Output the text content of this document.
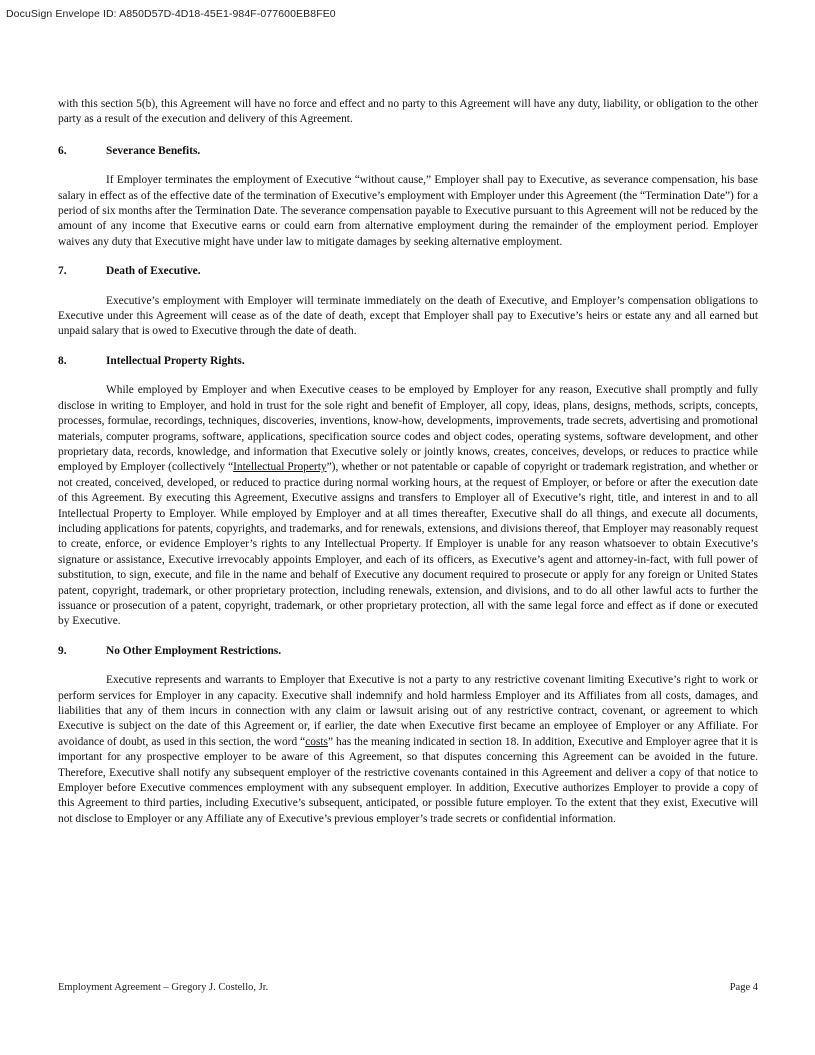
DocuSign Envelope ID: A850D57D-4D18-45E1-984F-077600EB8FE0

with this section 5(b), this Agreement will have no force and effect and no party to this Agreement will have any duty, liability, or obligation to the other party as a result of the execution and delivery of this Agreement.

6.	Severance Benefits.

If Employer terminates the employment of Executive “without cause,” Employer shall pay to Executive, as severance compensation, his base salary in effect as of the effective date of the termination of Executive’s employment with Employer under this Agreement (the “Termination Date”) for a period of six months after the Termination Date. The severance compensation payable to Executive pursuant to this Agreement will not be reduced by the amount of any income that Executive earns or could earn from alternative employment during the remainder of the employment period. Employer waives any duty that Executive might have under law to mitigate damages by seeking alternative employment.

7.	Death of Executive.

Executive’s employment with Employer will terminate immediately on the death of Executive, and Employer’s compensation obligations to Executive under this Agreement will cease as of the date of death, except that Employer shall pay to Executive’s heirs or estate any and all earned but unpaid salary that is owed to Executive through the date of death.

8.	Intellectual Property Rights.

While employed by Employer and when Executive ceases to be employed by Employer for any reason, Executive shall promptly and fully disclose in writing to Employer, and hold in trust for the sole right and benefit of Employer, all copy, ideas, plans, designs, methods, scripts, concepts, processes, formulae, recordings, techniques, discoveries, inventions, know-how, developments, improvements, trade secrets, advertising and promotional materials, computer programs, software, applications, specification source codes and object codes, operating systems, software development, and other proprietary data, records, knowledge, and information that Executive solely or jointly knows, creates, conceives, develops, or reduces to practice while employed by Employer (collectively “Intellectual Property”), whether or not patentable or capable of copyright or trademark registration, and whether or not created, conceived, developed, or reduced to practice during normal working hours, at the request of Employer, or before or after the execution date of this Agreement. By executing this Agreement, Executive assigns and transfers to Employer all of Executive’s right, title, and interest in and to all Intellectual Property to Employer. While employed by Employer and at all times thereafter, Executive shall do all things, and execute all documents, including applications for patents, copyrights, and trademarks, and for renewals, extensions, and divisions thereof, that Employer may reasonably request to create, enforce, or evidence Employer’s rights to any Intellectual Property. If Employer is unable for any reason whatsoever to obtain Executive’s signature or assistance, Executive irrevocably appoints Employer, and each of its officers, as Executive’s agent and attorney-in-fact, with full power of substitution, to sign, execute, and file in the name and behalf of Executive any document required to prosecute or apply for any foreign or United States patent, copyright, trademark, or other proprietary protection, including renewals, extension, and divisions, and to do all other lawful acts to further the issuance or prosecution of a patent, copyright, trademark, or other proprietary protection, all with the same legal force and effect as if done or executed by Executive.

9.	No Other Employment Restrictions.

Executive represents and warrants to Employer that Executive is not a party to any restrictive covenant limiting Executive’s right to work or perform services for Employer in any capacity. Executive shall indemnify and hold harmless Employer and its Affiliates from all costs, damages, and liabilities that any of them incurs in connection with any claim or lawsuit arising out of any restrictive contract, covenant, or agreement to which Executive is subject on the date of this Agreement or, if earlier, the date when Executive first became an employee of Employer or any Affiliate. For avoidance of doubt, as used in this section, the word “costs” has the meaning indicated in section 18. In addition, Executive and Employer agree that it is important for any prospective employer to be aware of this Agreement, so that disputes concerning this Agreement can be avoided in the future. Therefore, Executive shall notify any subsequent employer of the restrictive covenants contained in this Agreement and deliver a copy of that notice to Employer before Executive commences employment with any subsequent employer. In addition, Executive authorizes Employer to provide a copy of this Agreement to third parties, including Executive’s subsequent, anticipated, or possible future employer. To the extent that they exist, Executive will not disclose to Employer or any Affiliate any of Executive’s previous employer’s trade secrets or confidential information.

Employment Agreement – Gregory J. Costello, Jr.	Page 4
